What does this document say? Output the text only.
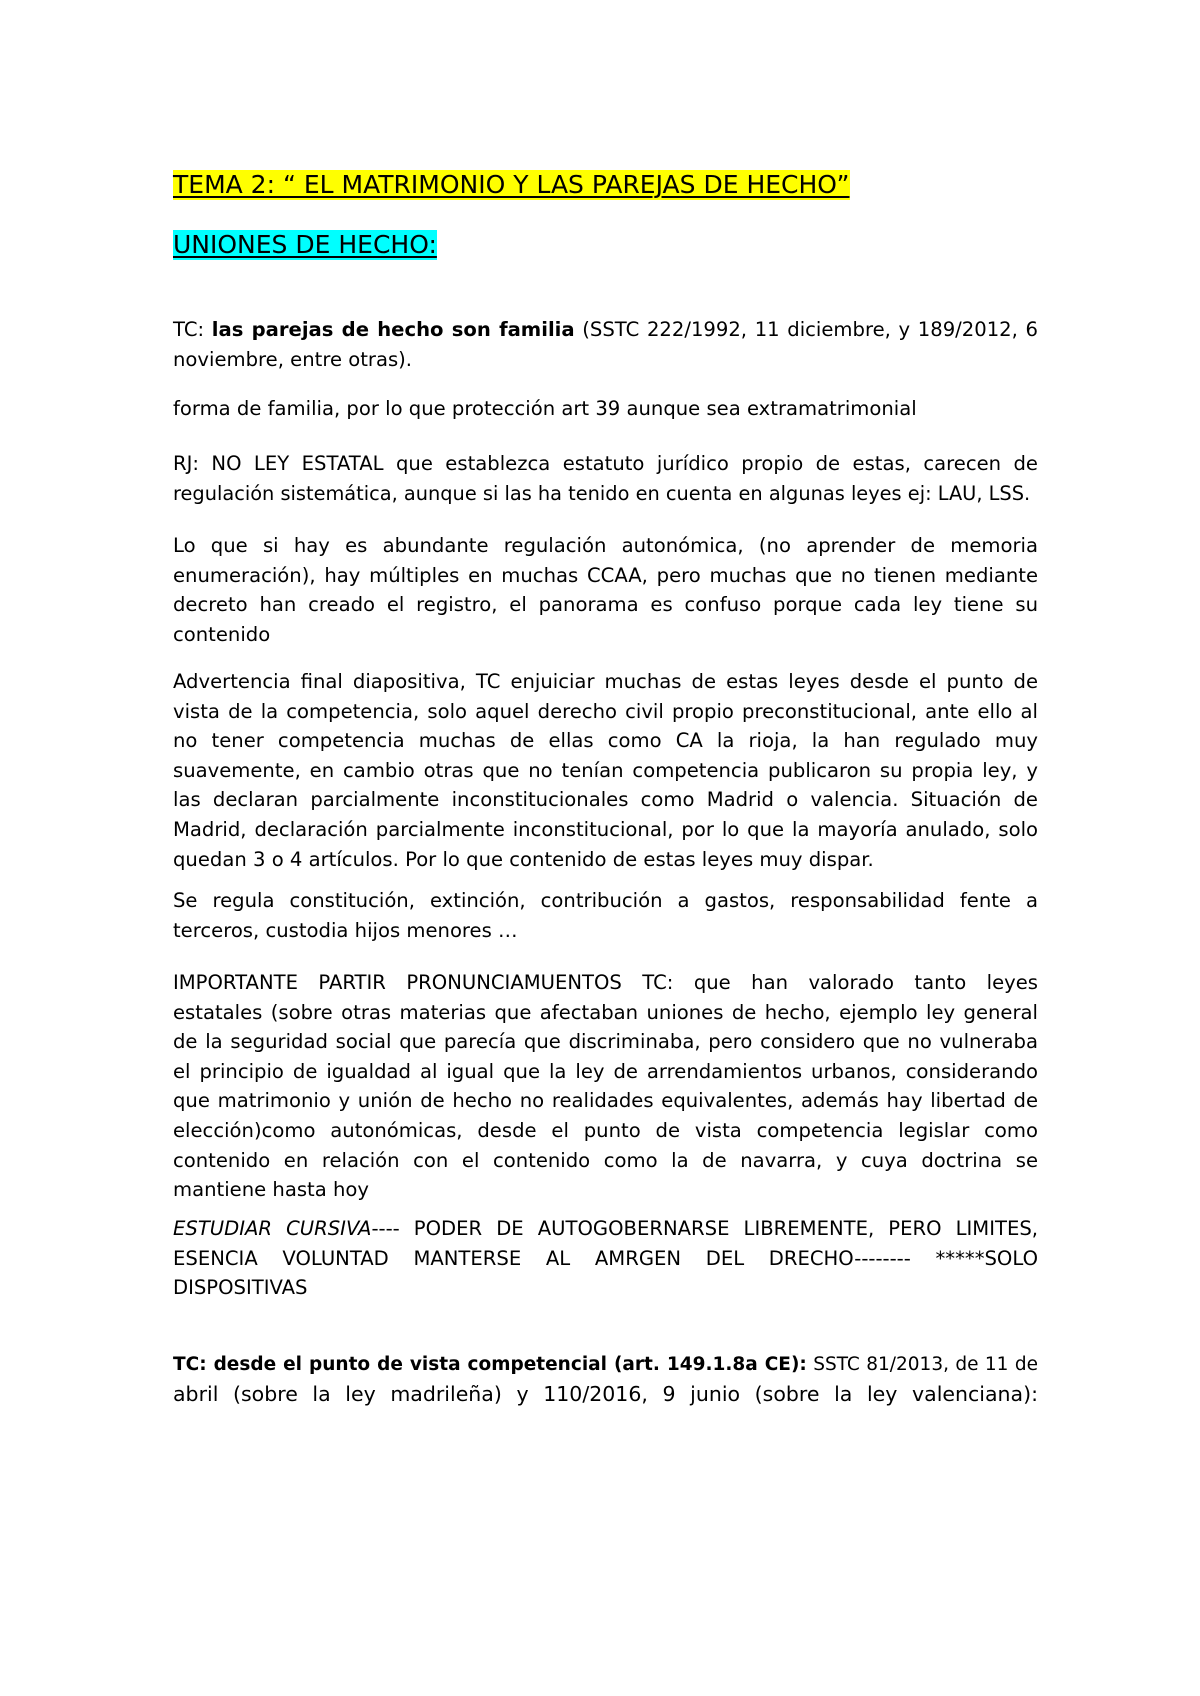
TEMA 2: “ EL MATRIMONIO Y LAS PAREJAS DE HECHO”
UNIONES DE HECHO:
TC: las parejas de hecho son familia (SSTC 222/1992, 11 diciembre, y 189/2012, 6
noviembre, entre otras).
forma de familia, por lo que protección art 39 aunque sea extramatrimonial
RJ: NO LEY ESTATAL que establezca estatuto jurídico propio de estas, carecen de
regulación sistemática, aunque si las ha tenido en cuenta en algunas leyes ej: LAU, LSS.
Lo que si hay es abundante regulación autonómica, (no aprender de memoria
enumeración), hay múltiples en muchas CCAA, pero muchas que no tienen mediante
decreto han creado el registro, el panorama es confuso porque cada ley tiene su
contenido
Advertencia final diapositiva, TC enjuiciar muchas de estas leyes desde el punto de
vista de la competencia, solo aquel derecho civil propio preconstitucional, ante ello al
no tener competencia muchas de ellas como CA la rioja, la han regulado muy
suavemente, en cambio otras que no tenían competencia publicaron su propia ley, y
las declaran parcialmente inconstitucionales como Madrid o valencia. Situación de
Madrid, declaración parcialmente inconstitucional, por lo que la mayoría anulado, solo
quedan 3 o 4 artículos. Por lo que contenido de estas leyes muy dispar.
Se regula constitución, extinción, contribución a gastos, responsabilidad fente a
terceros, custodia hijos menores …
IMPORTANTE PARTIR PRONUNCIAMUENTOS TC: que han valorado tanto leyes
estatales (sobre otras materias que afectaban uniones de hecho, ejemplo ley general
de la seguridad social que parecía que discriminaba, pero considero que no vulneraba
el principio de igualdad al igual que la ley de arrendamientos urbanos, considerando
que matrimonio y unión de hecho no realidades equivalentes, además hay libertad de
elección)como autonómicas, desde el punto de vista competencia legislar como
contenido en relación con el contenido como la de navarra, y cuya doctrina se
mantiene hasta hoy
ESTUDIAR CURSIVA---- PODER DE AUTOGOBERNARSE LIBREMENTE, PERO LIMITES,
ESENCIA VOLUNTAD MANTERSE AL AMRGEN DEL DRECHO-------- *****SOLO
DISPOSITIVAS
TC: desde el punto de vista competencial (art. 149.1.8a CE): SSTC 81/2013, de 11 de
abril (sobre la ley madrileña) y 110/2016, 9 junio (sobre la ley valenciana):
